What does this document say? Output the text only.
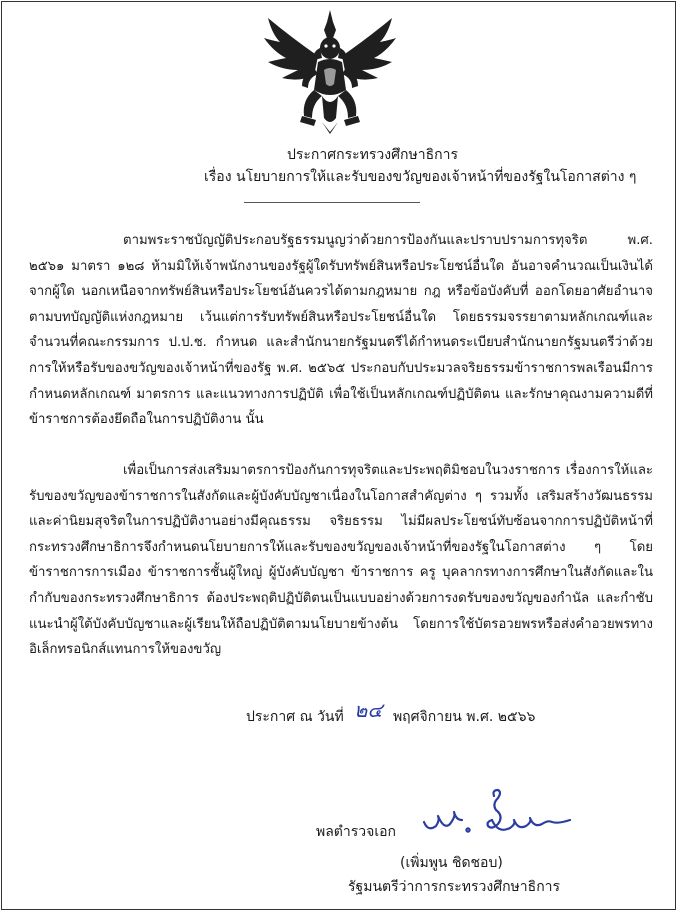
ประกาศกระทรวงศึกษาธิการ
เรื่อง นโยบายการให้และรับของขวัญของเจ้าหน้าที่ของรัฐในโอกาสต่าง ๆ

ตามพระราชบัญญัติประกอบรัฐธรรมนูญว่าด้วยการป้องกันและปราบปรามการทุจริต พ.ศ. ๒๕๖๑ มาตรา ๑๒๘ ห้ามมิให้เจ้าพนักงานของรัฐผู้ใดรับทรัพย์สินหรือประโยชน์อื่นใด อันอาจคำนวณเป็นเงินได้จากผู้ใด นอกเหนือจากทรัพย์สินหรือประโยชน์อันควรได้ตามกฎหมาย กฎ หรือข้อบังคับที่ ออกโดยอาศัยอำนาจตามบทบัญญัติแห่งกฎหมาย เว้นแต่การรับทรัพย์สินหรือประโยชน์อื่นใด โดยธรรมจรรยาตามหลักเกณฑ์และจำนวนที่คณะกรรมการ ป.ป.ช. กำหนด และสำนักนายกรัฐมนตรีได้กำหนดระเบียบสำนักนายกรัฐมนตรีว่าด้วยการให้หรือรับของขวัญของเจ้าหน้าที่ของรัฐ พ.ศ. ๒๕๖๕ ประกอบกับประมวลจริยธรรมข้าราชการพลเรือนมีการกำหนดหลักเกณฑ์ มาตรการ และแนวทางการปฏิบัติ เพื่อใช้เป็นหลักเกณฑ์ปฏิบัติตน และรักษาคุณงามความดีที่ข้าราชการต้องยึดถือในการปฏิบัติงาน นั้น

เพื่อเป็นการส่งเสริมมาตรการป้องกันการทุจริตและประพฤติมิชอบในวงราชการ เรื่องการให้และรับของขวัญของข้าราชการในสังกัดและผู้บังคับบัญชาเนื่องในโอกาสสำคัญต่าง ๆ รวมทั้ง เสริมสร้างวัฒนธรรมและค่านิยมสุจริตในการปฏิบัติงานอย่างมีคุณธรรม จริยธรรม ไม่มีผลประโยชน์ทับซ้อนจากการปฏิบัติหน้าที่ กระทรวงศึกษาธิการจึงกำหนดนโยบายการให้และรับของขวัญของเจ้าหน้าที่ของรัฐในโอกาสต่าง ๆ โดยข้าราชการการเมือง ข้าราชการชั้นผู้ใหญ่ ผู้บังคับบัญชา ข้าราชการ ครู บุคลากรทางการศึกษาในสังกัดและในกำกับของกระทรวงศึกษาธิการ ต้องประพฤติปฏิบัติตนเป็นแบบอย่างด้วยการงดรับของขวัญของกำนัล และกำชับ แนะนำผู้ใต้บังคับบัญชาและผู้เรียนให้ถือปฏิบัติตามนโยบายข้างต้น โดยการใช้บัตรอวยพรหรือส่งคำอวยพรทางอิเล็กทรอนิกส์แทนการให้ของขวัญ

ประกาศ ณ วันที่ ๒๔ พฤศจิกายน พ.ศ. ๒๕๖๖
พลตำรวจเอก
(เพิ่มพูน ชิดชอบ)
รัฐมนตรีว่าการกระทรวงศึกษาธิการ
